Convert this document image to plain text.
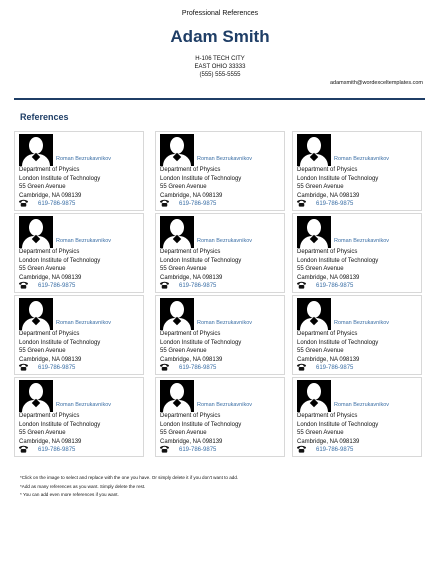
Professional References
Adam Smith
H-106 TECH CITY
EAST OHIO 33333
(555) 555-5555
adamsmith@wordexceltemplates.com
References
Roman Bezrukavnikov
Department of Physics
London Institute of Technology
55 Green Avenue
Cambridge, NA 098139
619-786-9875
Roman Bezrukavnikov
Department of Physics
London Institute of Technology
55 Green Avenue
Cambridge, NA 098139
619-786-9875
Roman Bezrukavnikov
Department of Physics
London Institute of Technology
55 Green Avenue
Cambridge, NA 098139
619-786-9875
Roman Bezrukavnikov
Department of Physics
London Institute of Technology
55 Green Avenue
Cambridge, NA 098139
619-786-9875
Roman Bezrukavnikov
Department of Physics
London Institute of Technology
55 Green Avenue
Cambridge, NA 098139
619-786-9875
Roman Bezrukavnikov
Department of Physics
London Institute of Technology
55 Green Avenue
Cambridge, NA 098139
619-786-9875
Roman Bezrukavnikov
Department of Physics
London Institute of Technology
55 Green Avenue
Cambridge, NA 098139
619-786-9875
Roman Bezrukavnikov
Department of Physics
London Institute of Technology
55 Green Avenue
Cambridge, NA 098139
619-786-9875
Roman Bezrukavnikov
Department of Physics
London Institute of Technology
55 Green Avenue
Cambridge, NA 098139
619-786-9875
Roman Bezrukavnikov
Department of Physics
London Institute of Technology
55 Green Avenue
Cambridge, NA 098139
619-786-9875
Roman Bezrukavnikov
Department of Physics
London Institute of Technology
55 Green Avenue
Cambridge, NA 098139
619-786-9875
Roman Bezrukavnikov
Department of Physics
London Institute of Technology
55 Green Avenue
Cambridge, NA 098139
619-786-9875
*Click on the image to select and replace with the one you have. Or simply delete it if you don't want to add.
*Add as many references as you want. Simply delete the rest.
* You can add even more references if you want.
